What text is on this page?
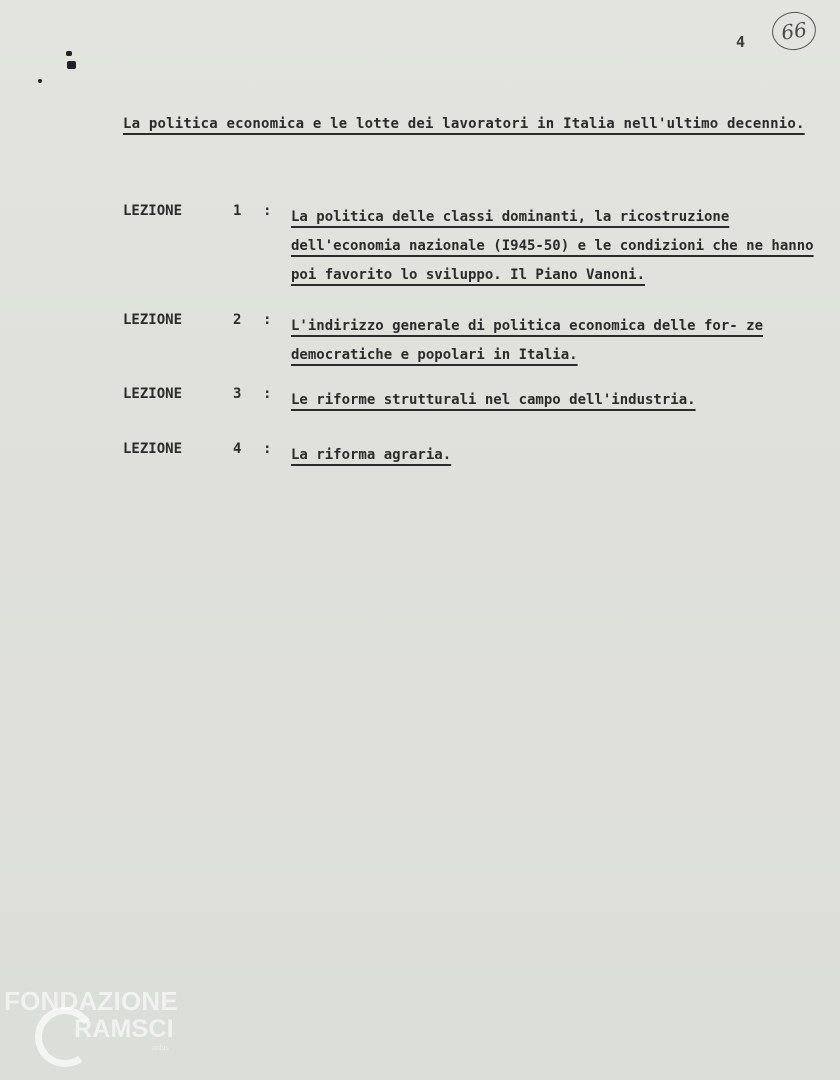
4	66
La politica economica e le lotte dei lavoratori in Italia nell'ultimo decennio.
LEZIONE	1	: La politica delle classi dominanti, la ricostruzione dell'economia nazionale (I945-50) e le condizioni che ne hanno poi favorito lo sviluppo. Il Piano Vanoni.
LEZIONE	2	: L'indirizzo generale di politica economica delle for- ze democratiche e popolari in Italia.
LEZIONE	3	: Le riforme strutturali nel campo dell'industria.
LEZIONE	4	: La riforma agraria.
FONDAZIONE
RAMSCI
onlus
